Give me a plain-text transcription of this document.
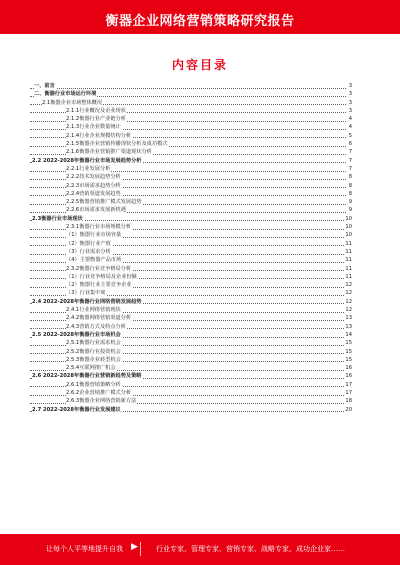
衡器企业网络营销策略研究报告
内容目录
一、前言	3
二、衡器行业市场运行环境	3
2.1衡器企业市场整体概况	3
2.1.1行业概况及企业现状	3
2.1.2衡器行业产业链分析	4
2.1.3行业企业数量统计	4
2.1.4行业企业规模结构分析	5
2.1.5衡器企业营销传播现状分析及成功模式	6
2.1.6衡器企业营销推广渠道现状分析	7
2.2 2022-2028年衡器行业市场发展趋势分析	7
2.2.1行业发展分析	7
2.2.2技术发展趋势分析	8
2.2.3市场需求趋势分析	8
2.2.4营销渠道发展趋势	8
2.2.5衡器营销推广模式发展趋势	9
2.2.6市场需求发展新机遇	9
2.3衡器行业市场现状	10
2.3.1衡器行业市场规模分析	10
（1）衡器行业市场容量	10
（2）衡器行业产值	11
（3）行业需求分析	11
（4）主要衡器产品市场	11
2.3.2衡器行业竞争格局分析	11
（1）行业竞争格局及企业份额	11
（2）衡器行业主要竞争企业	12
（3）行业集中度	12
2.4 2022-2028年衡器行业网络营销发展趋势	12
2.4.1行业网络营销现状	12
2.4.2衡器网络营销渠道分析	13
2.4.3营销方式及特点分析	13
2.5 2022-2028年衡器行业市场机会	14
2.5.1衡器行业需求机会	15
2.5.2衡器行业投资机会	15
2.5.3衡器企业转型机会	15
2.5.4互联网推广机会	16
2.6 2022-2028年衡器行业营销新趋势及策略	16
2.6.1衡器营销策略分析	17
2.6.2企业营销推广模式分析	17
2.6.3衡器企业网络营销新方法	18
2.7 2022-2028年衡器行业发展建议	20
让每个人平等地提升自我 ▶	行业专家、管理专家、营销专家、战略专家、成功企业家……
